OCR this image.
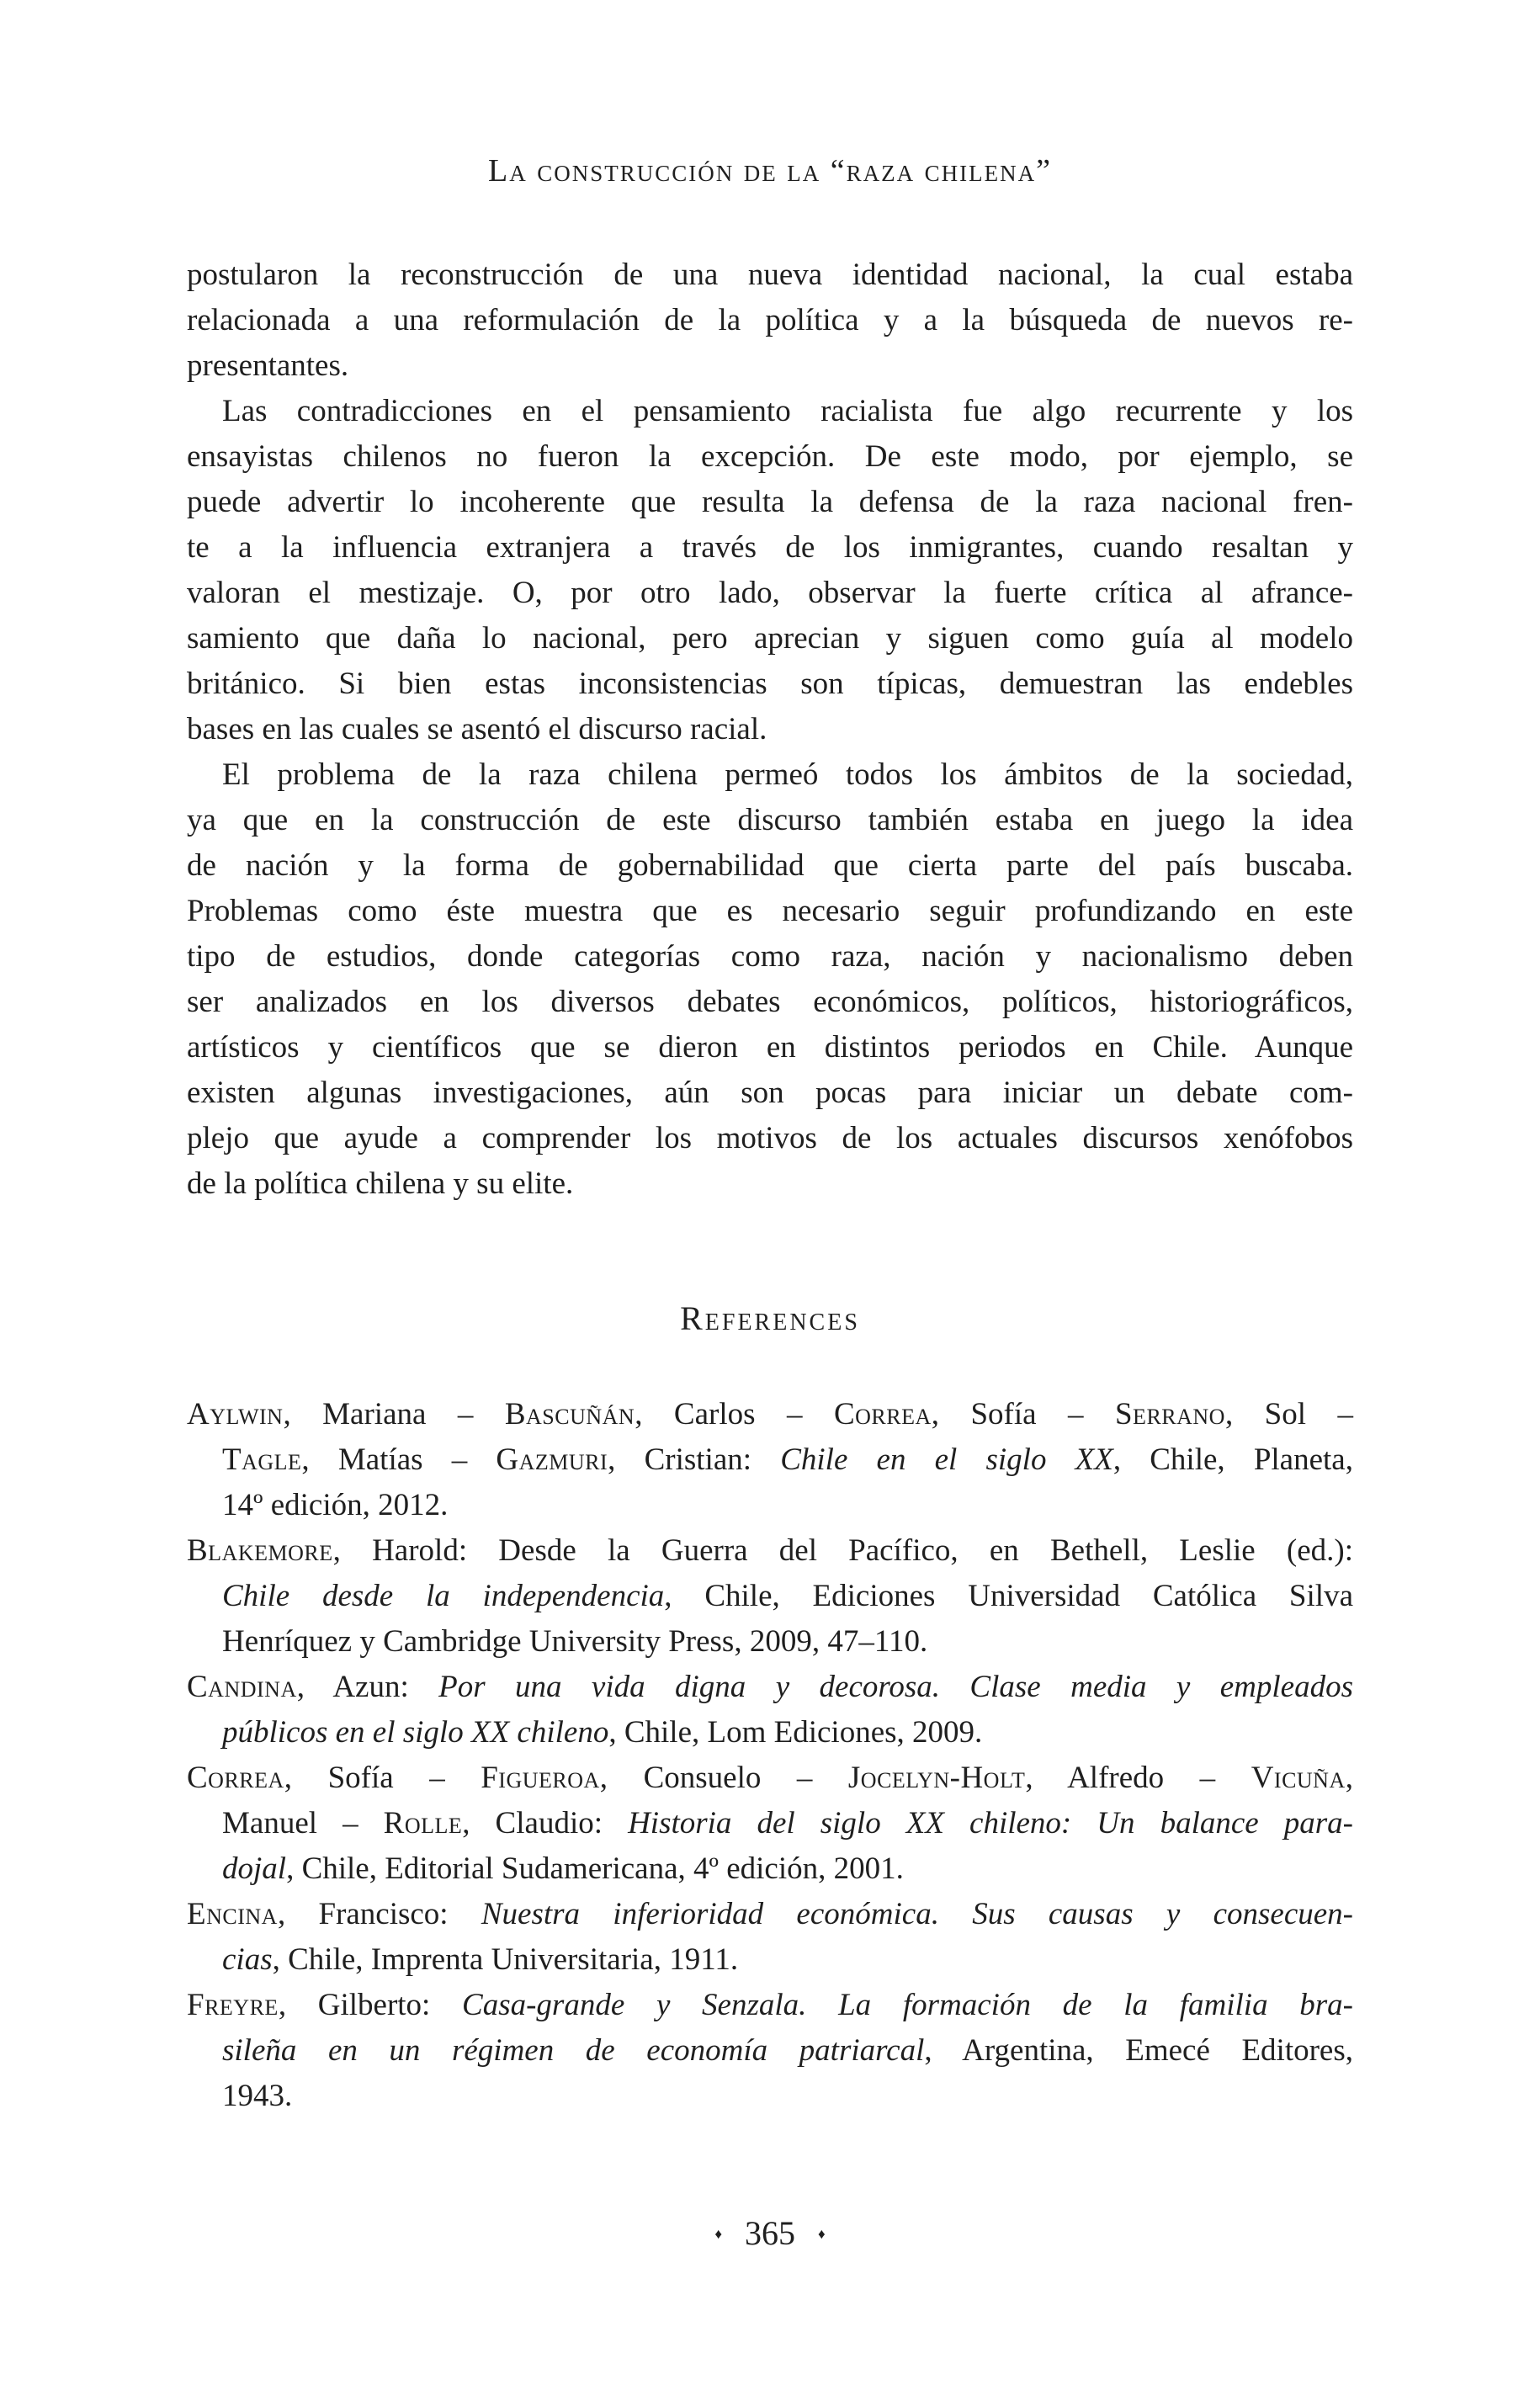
La construcción de la “raza chilena”
postularon la reconstrucción de una nueva identidad nacional, la cual estaba
relacionada a una reformulación de la política y a la búsqueda de nuevos re-
presentantes.
Las contradicciones en el pensamiento racialista fue algo recurrente y los
ensayistas chilenos no fueron la excepción. De este modo, por ejemplo, se
puede advertir lo incoherente que resulta la defensa de la raza nacional fren-
te a la influencia extranjera a través de los inmigrantes, cuando resaltan y
valoran el mestizaje. O, por otro lado, observar la fuerte crítica al afrance-
samiento que daña lo nacional, pero aprecian y siguen como guía al modelo
británico. Si bien estas inconsistencias son típicas, demuestran las endebles
bases en las cuales se asentó el discurso racial.
El problema de la raza chilena permeó todos los ámbitos de la sociedad,
ya que en la construcción de este discurso también estaba en juego la idea
de nación y la forma de gobernabilidad que cierta parte del país buscaba.
Problemas como éste muestra que es necesario seguir profundizando en este
tipo de estudios, donde categorías como raza, nación y nacionalismo deben
ser analizados en los diversos debates económicos, políticos, historiográficos,
artísticos y científicos que se dieron en distintos periodos en Chile. Aunque
existen algunas investigaciones, aún son pocas para iniciar un debate com-
plejo que ayude a comprender los motivos de los actuales discursos xenófobos
de la política chilena y su elite.
References
Aylwin, Mariana – Bascuñán, Carlos – Correa, Sofía – Serrano, Sol –
Tagle, Matías – Gazmuri, Cristian: Chile en el siglo XX, Chile, Planeta,
14º edición, 2012.
Blakemore, Harold: Desde la Guerra del Pacífico, en Bethell, Leslie (ed.):
Chile desde la independencia, Chile, Ediciones Universidad Católica Silva
Henríquez y Cambridge University Press, 2009, 47–110.
Candina, Azun: Por una vida digna y decorosa. Clase media y empleados
públicos en el siglo XX chileno, Chile, Lom Ediciones, 2009.
Correa, Sofía – Figueroa, Consuelo – Jocelyn-Holt, Alfredo – Vicuña,
Manuel – Rolle, Claudio: Historia del siglo XX chileno: Un balance para-
dojal, Chile, Editorial Sudamericana, 4º edición, 2001.
Encina, Francisco: Nuestra inferioridad económica. Sus causas y consecuen-
cias, Chile, Imprenta Universitaria, 1911.
Freyre, Gilberto: Casa-grande y Senzala. La formación de la familia bra-
sileña en un régimen de economía patriarcal, Argentina, Emecé Editores,
1943.
♦ 365 ♦
